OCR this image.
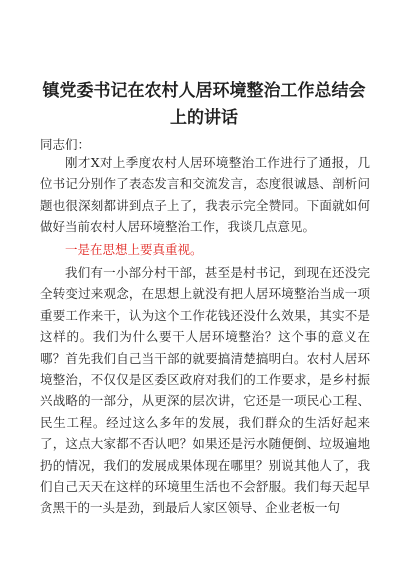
镇党委书记在农村人居环境整治工作总结会上的讲话

同志们：

刚才X对上季度农村人居环境整治工作进行了通报，几位书记分别作了表态发言和交流发言，态度很诚恳、剖析问题也很深刻都讲到点子上了，我表示完全赞同。下面就如何做好当前农村人居环境整治工作，我谈几点意见。

一是在思想上要真重视。

我们有一小部分村干部，甚至是村书记，到现在还没完全转变过来观念，在思想上就没有把人居环境整治当成一项重要工作来干，认为这个工作花钱还没什么效果，其实不是这样的。我们为什么要干人居环境整治？这个事的意义在哪？首先我们自己当干部的就要搞清楚搞明白。农村人居环境整治，不仅仅是区委区政府对我们的工作要求，是乡村振兴战略的一部分，从更深的层次讲，它还是一项民心工程、民生工程。经过这么多年的发展，我们群众的生活好起来了，这点大家都不否认吧？如果还是污水随便倒、垃圾遍地扔的情况，我们的发展成果体现在哪里？别说其他人了，我们自己天天在这样的环境里生活也不会舒服。我们每天起早贪黑干的一头是劲，到最后人家区领导、企业老板一句
